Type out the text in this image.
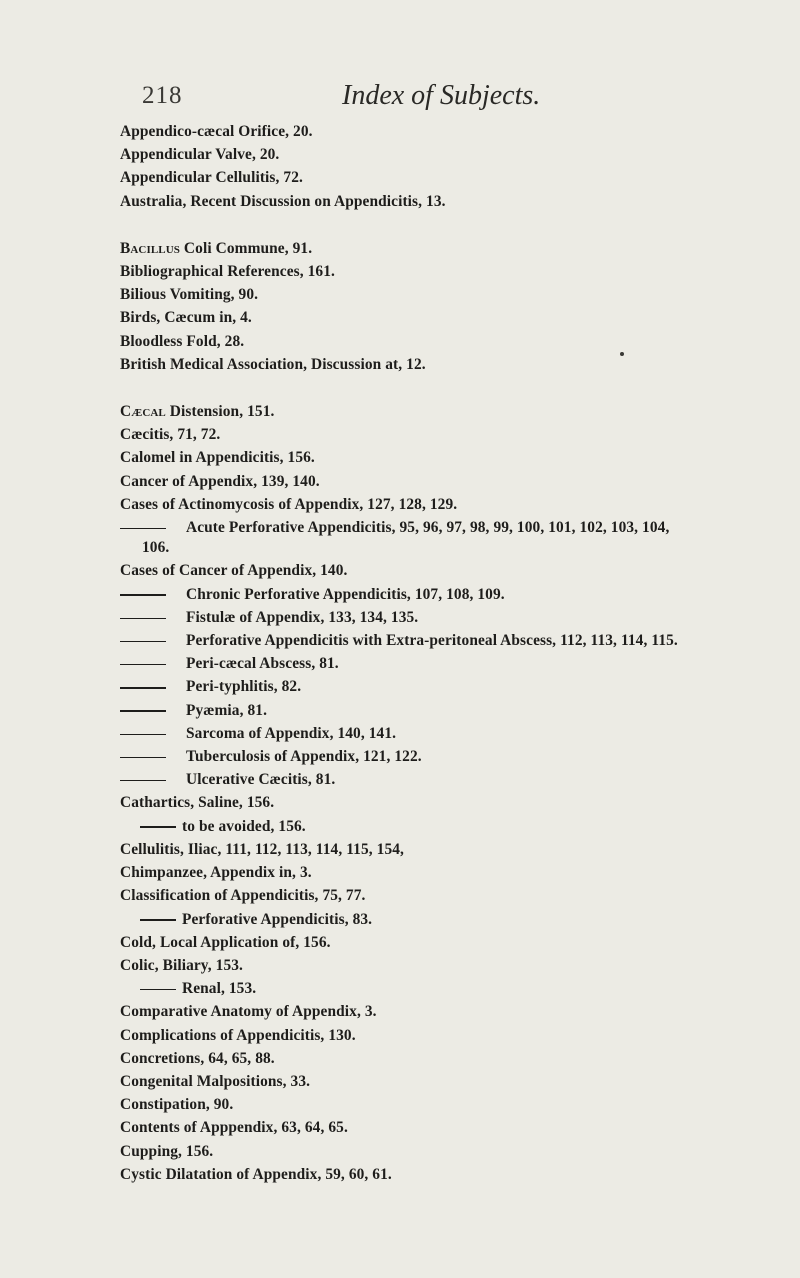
218	Index of Subjects.
Appendico-cæcal Orifice, 20.
Appendicular Valve, 20.
Appendicular Cellulitis, 72.
Australia, Recent Discussion on Appendicitis, 13.
Bacillus Coli Commune, 91.
Bibliographical References, 161.
Bilious Vomiting, 90.
Birds, Cæcum in, 4.
Bloodless Fold, 28.
British Medical Association, Discussion at, 12.
Cæcal Distension, 151.
Cæcitis, 71, 72.
Calomel in Appendicitis, 156.
Cancer of Appendix, 139, 140.
Cases of Actinomycosis of Appendix, 127, 128, 129.
Acute Perforative Appendicitis, 95, 96, 97, 98, 99, 100, 101, 102, 103, 104,
106.
Cases of Cancer of Appendix, 140.
Chronic Perforative Appendicitis, 107, 108, 109.
Fistulæ of Appendix, 133, 134, 135.
Perforative Appendicitis with Extra-peritoneal Abscess, 112, 113, 114, 115.
Peri-cæcal Abscess, 81.
Peri-typhlitis, 82.
Pyæmia, 81.
Sarcoma of Appendix, 140, 141.
Tuberculosis of Appendix, 121, 122.
Ulcerative Cæcitis, 81.
Cathartics, Saline, 156.
to be avoided, 156.
Cellulitis, Iliac, 111, 112, 113, 114, 115, 154,
Chimpanzee, Appendix in, 3.
Classification of Appendicitis, 75, 77.
Perforative Appendicitis, 83.
Cold, Local Application of, 156.
Colic, Biliary, 153.
Renal, 153.
Comparative Anatomy of Appendix, 3.
Complications of Appendicitis, 130.
Concretions, 64, 65, 88.
Congenital Malpositions, 33.
Constipation, 90.
Contents of Apppendix, 63, 64, 65.
Cupping, 156.
Cystic Dilatation of Appendix, 59, 60, 61.
